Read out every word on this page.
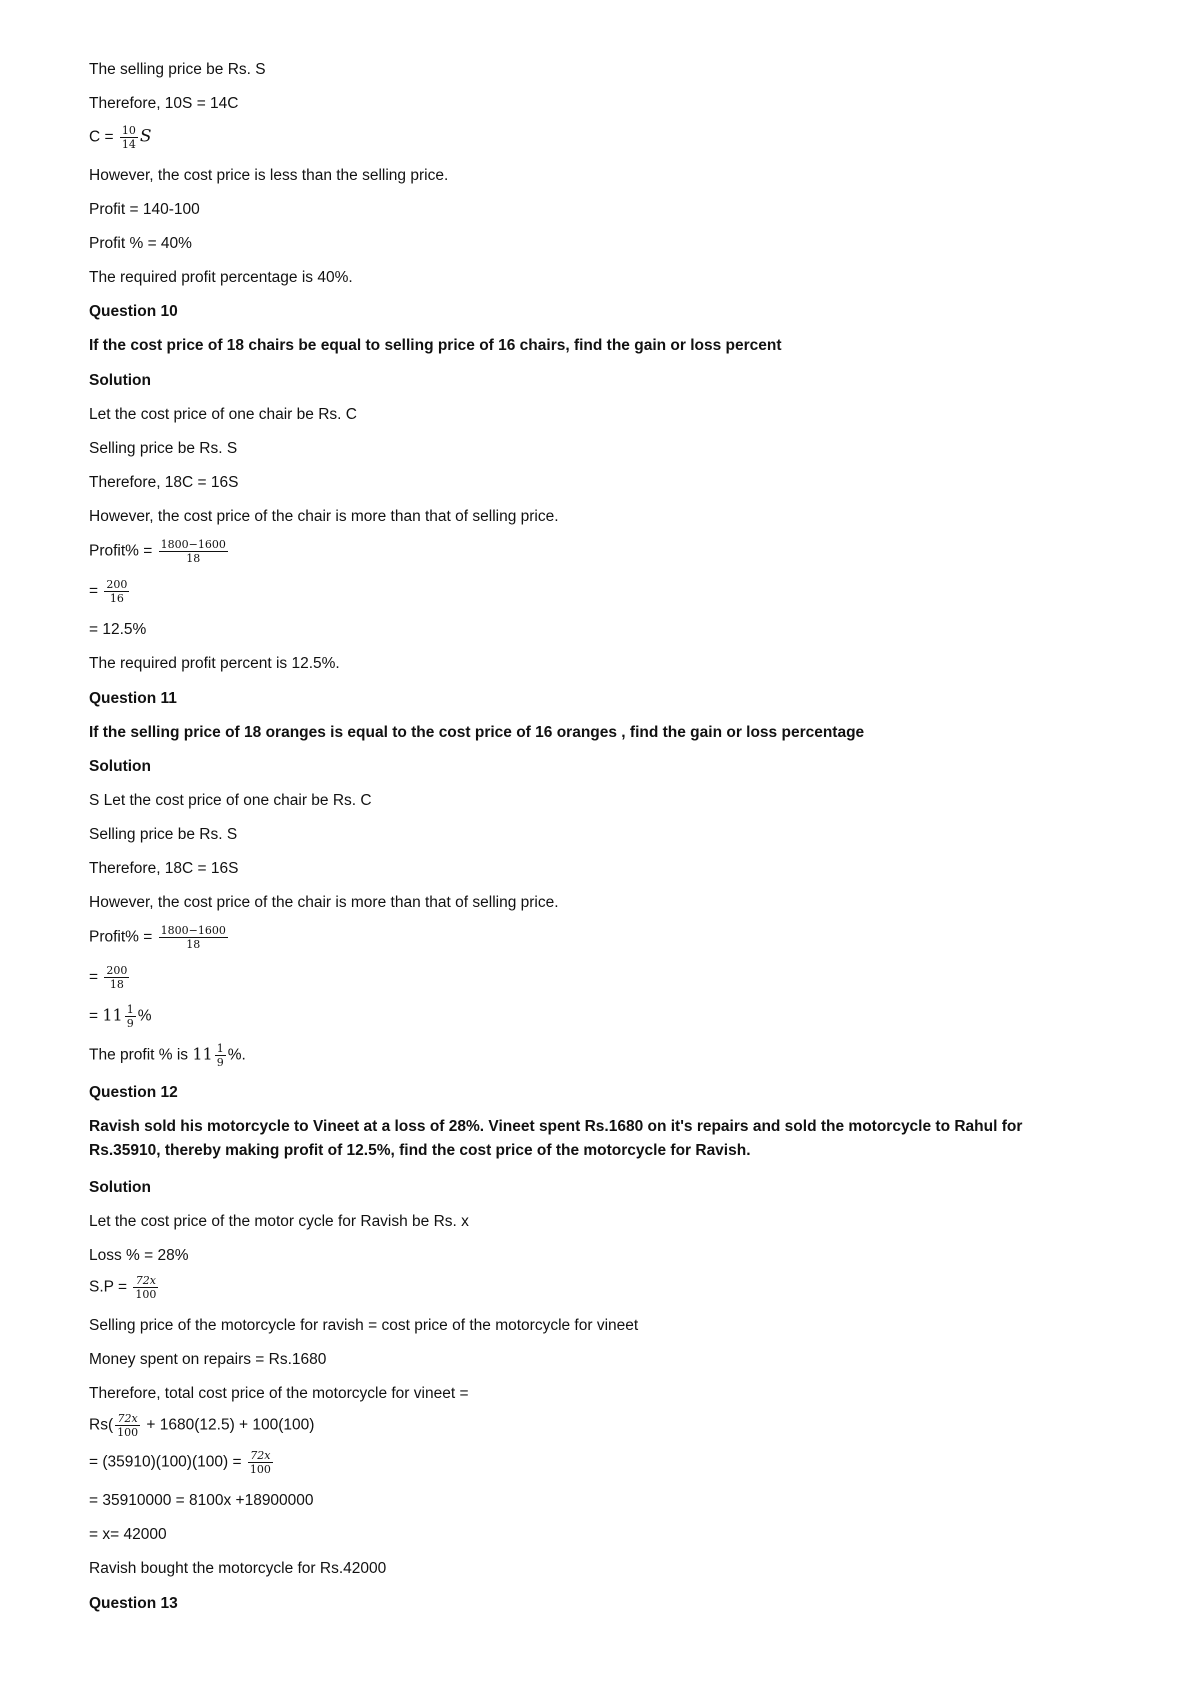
The selling price be Rs. S
Therefore, 10S = 14C
$C = \frac{10}{14}$ S
However, the cost price is less than the selling price.
Profit = 140-100
Profit % = 40%
The required profit percentage is 40%.
Question 10
If the cost price of 18 chairs be equal to selling price of 16 chairs, find the gain or loss percent
Solution
Let the cost price of one chair be Rs. C
Selling price be Rs. S
Therefore, 18C = 16S
However, the cost price of the chair is more than that of selling price.
Profit% = $\frac{1800-1600}{18}$
= $\frac{200}{16}$
= 12.5%
The required profit percent is 12.5%.
Question 11
If the selling price of 18 oranges is equal to the cost price of 16 oranges , find the gain or loss percentage
Solution
S Let the cost price of one chair be Rs. C
Selling price be Rs. S
Therefore, 18C = 16S
However, the cost price of the chair is more than that of selling price.
Profit% = $\frac{1800-1600}{18}$
= $\frac{200}{18}$
= $11 \frac{1}{9}$ %
The profit % is $11 \frac{1}{9}$ %.
Question 12
Ravish sold his motorcycle to Vineet at a loss of 28%. Vineet spent Rs.1680 on it's repairs and sold the motorcycle to Rahul for Rs.35910, thereby making profit of 12.5%, find the cost price of the motorcycle for Ravish.
Solution
Let the cost price of the motor cycle for Ravish be Rs. x
Loss % = 28%
$S.P = \frac{72x}{100}$
Selling price of the motorcycle for ravish = cost price of the motorcycle for vineet
Money spent on repairs = Rs.1680
Therefore, total cost price of the motorcycle for vineet =
$Rs( \frac{72x}{100} + 1680(12.5) + 100(100)$
= $(35910)(100)(100) = \frac{72x}{100}$
= 35910000 = 8100x +18900000
= x= 42000
Ravish bought the motorcycle for Rs.42000
Question 13
